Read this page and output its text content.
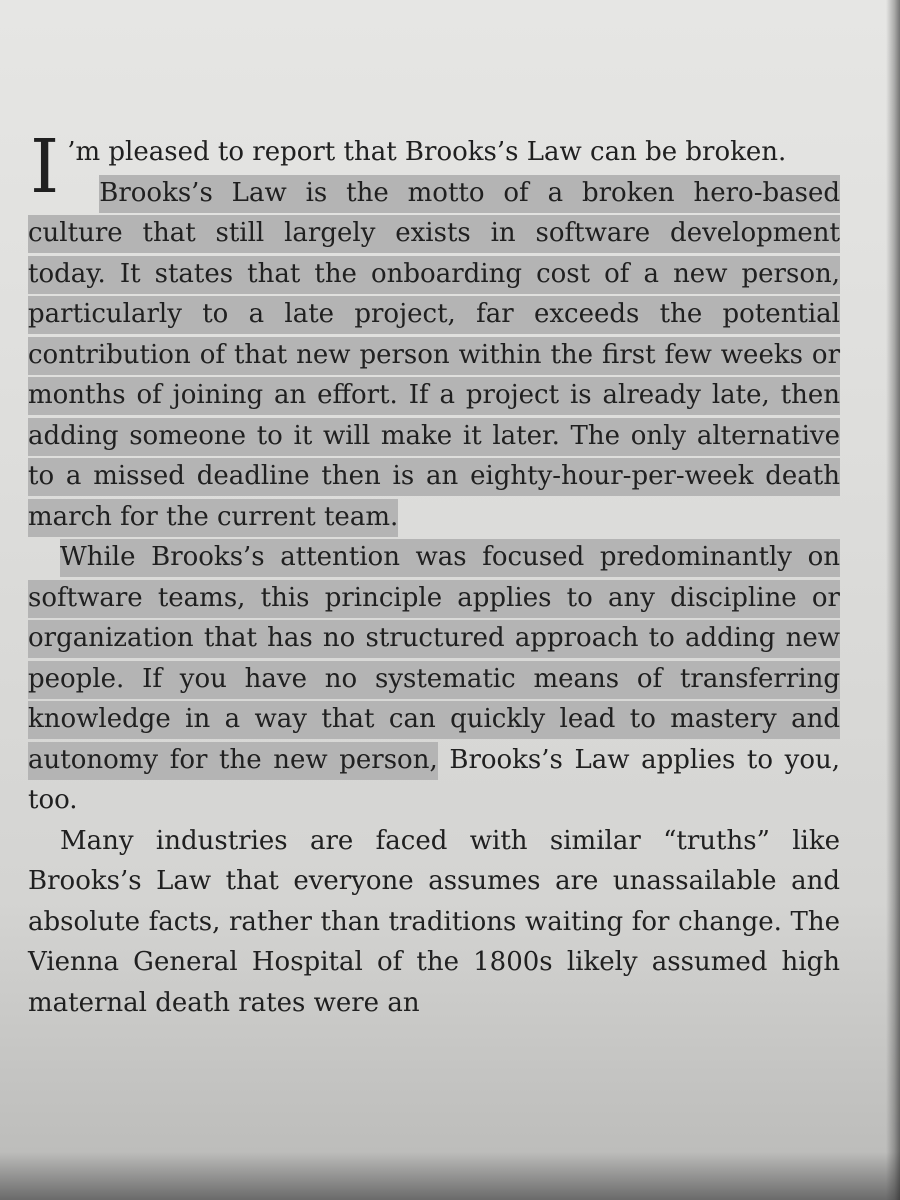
I ’m pleased to report that Brooks’s Law can be broken.

Brooks’s Law is the motto of a broken hero-based culture that still largely exists in software development today. It states that the onboarding cost of a new person, particularly to a late project, far exceeds the potential contribution of that new person within the first few weeks or months of joining an effort. If a project is already late, then adding someone to it will make it later. The only alternative to a missed deadline then is an eighty-hour-per-week death march for the current team.

While Brooks’s attention was focused predominantly on software teams, this principle applies to any discipline or organization that has no structured approach to adding new people. If you have no systematic means of transferring knowledge in a way that can quickly lead to mastery and autonomy for the new person, Brooks’s Law applies to you, too.

Many industries are faced with similar “truths” like Brooks’s Law that everyone assumes are unassailable and absolute facts, rather than traditions waiting for change. The Vienna General Hospital of the 1800s likely assumed high maternal death rates were an
